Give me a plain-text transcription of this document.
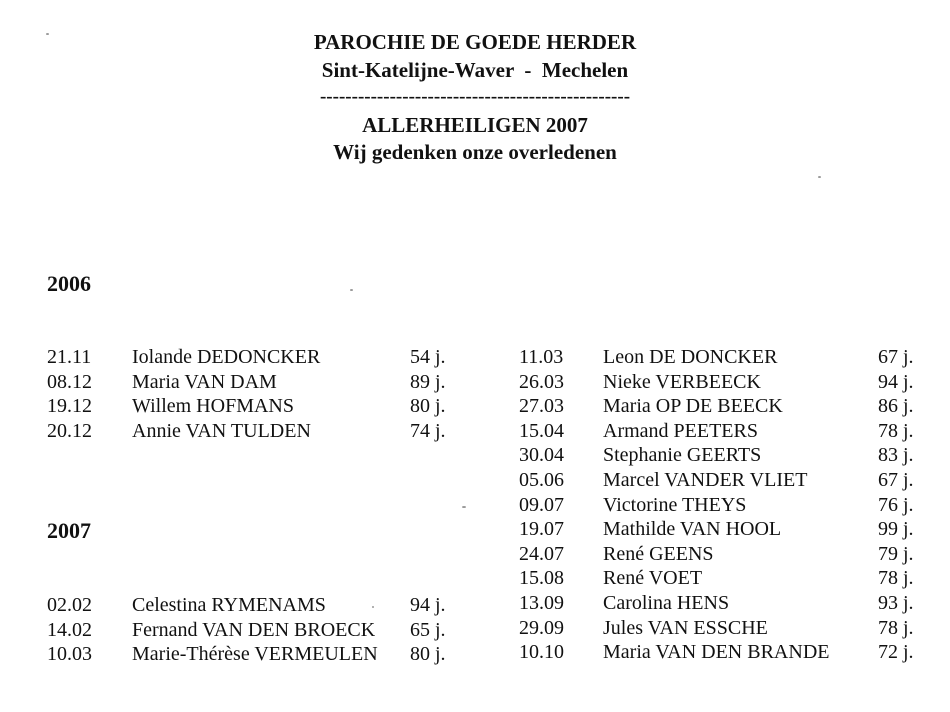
PAROCHIE DE GOEDE HERDER
Sint-Katelijne-Waver  -  Mechelen
-------------------------------------------------
ALLERHEILIGEN 2007
Wij gedenken onze overledenen
2006
21.11 Iolande DEDONCKER	54 j.
08.12 Maria VAN DAM	89 j.
19.12 Willem HOFMANS	80 j.
20.12 Annie VAN TULDEN	74 j.
2007
02.02 Celestina RYMENAMS	94 j.
14.02 Fernand VAN DEN BROECK 65 j.
10.03 Marie-Thérèse VERMEULEN 80 j.
11.03 Leon DE DONCKER	67 j.
26.03 Nieke VERBEECK	94 j.
27.03 Maria OP DE BEECK	86 j.
15.04 Armand PEETERS	78 j.
30.04 Stephanie GEERTS	83 j.
05.06 Marcel VANDER VLIET	67 j.
09.07 Victorine THEYS	76 j.
19.07 Mathilde VAN HOOL	99 j.
24.07 René GEENS	79 j.
15.08 René VOET	78 j.
13.09 Carolina HENS	93 j.
29.09 Jules VAN ESSCHE	78 j.
10.10 Maria VAN DEN BRANDE 72 j.
